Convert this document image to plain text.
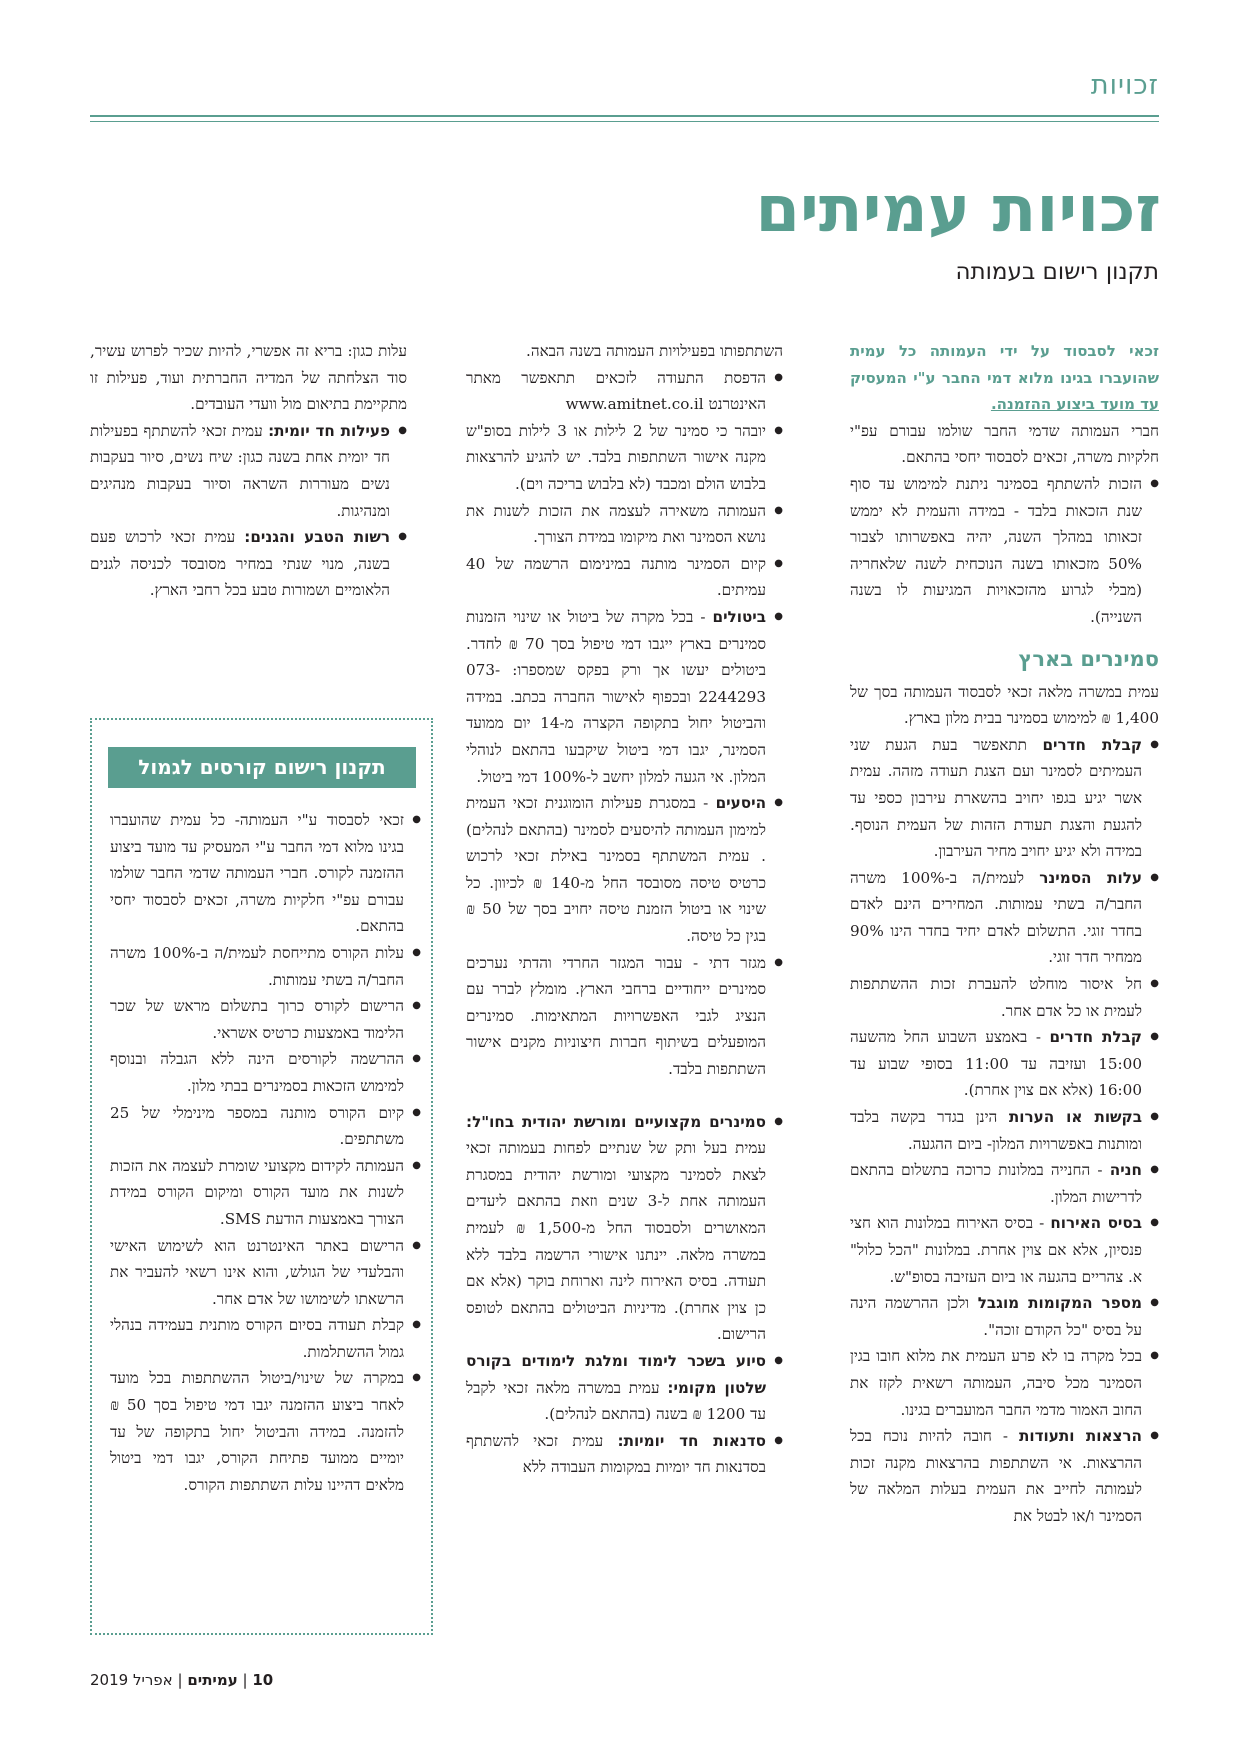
זכויות
זכויות עמיתים
תקנון רישום בעמותה

זכאי לסבסוד על ידי העמותה כל עמית שהועברו בגינו מלוא דמי החבר ע"י המעסיק עד מועד ביצוע ההזמנה.

חברי העמותה שדמי החבר שולמו עבורם עפ"י חלקיות משרה, זכאים לסבסוד יחסי בהתאם.

● הזכות להשתתף בסמינר ניתנת למימוש עד סוף שנת הזכאות בלבד - במידה והעמית לא יממש זכאותו במהלך השנה, יהיה באפשרותו לצבור 50% מזכאותו בשנה הנוכחית לשנה שלאחריה (מבלי לגרוע מהזכאויות המגיעות לו בשנה השנייה).
סמינרים בארץ

עמית במשרה מלאה זכאי לסבסוד העמותה בסך של 1,400 ₪ למימוש בסמינר בבית מלון בארץ.

● קבלת חדרים תתאפשר בעת הגעת שני העמיתים לסמינר ועם הצגת תעודה מזהה. עמית אשר יגיע בגפו יחויב בהשארת עירבון כספי עד להגעת והצגת תעודת הזהות של העמית הנוסף. במידה ולא יגיע יחויב מחיר העירבון.
● עלות הסמינר לעמית/ה ב-100% משרה החבר/ה בשתי עמותות. המחירים הינם לאדם בחדר זוגי. התשלום לאדם יחיד בחדר הינו 90% ממחיר חדר זוגי.
● חל איסור מוחלט להעברת זכות ההשתתפות לעמית או כל אדם אחר.
● קבלת חדרים - באמצע השבוע החל מהשעה 15:00 ועזיבה עד 11:00 בסופי שבוע עד 16:00 (אלא אם צוין אחרת).
● בקשות או הערות הינן בגדר בקשה בלבד ומותנות באפשרויות המלון- ביום ההגעה.
● חניה - החנייה במלונות כרוכה בתשלום בהתאם לדרישות המלון.
● בסיס האירוח - בסיס האירוח במלונות הוא חצי פנסיון, אלא אם צוין אחרת. במלונות "הכל כלול" א. צהריים בהגעה או ביום העזיבה בסופ"ש.
● מספר המקומות מוגבל ולכן ההרשמה הינה על בסיס "כל הקודם זוכה".
● בכל מקרה בו לא פרע העמית את מלוא חובו בגין הסמינר מכל סיבה, העמותה רשאית לקזז את החוב האמור מדמי החבר המועברים בגינו.
● הרצאות ותעודות - חובה להיות נוכח בכל ההרצאות. אי השתתפות בהרצאות מקנה זכות לעמותה לחייב את העמית בעלות המלאה של הסמינר ו/או לבטל את

השתתפותו בפעילויות העמותה בשנה הבאה.

● הדפסת התעודה לזכאים תתאפשר מאתר האינטרנט www.amitnet.co.il
● יובהר כי סמינר של 2 לילות או 3 לילות בסופ"ש מקנה אישור השתתפות בלבד. יש להגיע להרצאות בלבוש הולם ומכבד (לא בלבוש בריכה וים).
● העמותה משאירה לעצמה את הזכות לשנות את נושא הסמינר ואת מיקומו במידת הצורך.
● קיום הסמינר מותנה במינימום הרשמה של 40 עמיתים.
● ביטולים - בכל מקרה של ביטול או שינוי הזמנות סמינרים בארץ ייגבו דמי טיפול בסך 70 ₪ לחדר. ביטולים יעשו אך ורק בפקס שמספרו: 073-2244293 ובכפוף לאישור החברה בכתב. במידה והביטול יחול בתקופה הקצרה מ-14 יום ממועד הסמינר, יגבו דמי ביטול שיקבעו בהתאם לנוהלי המלון. אי הגעה למלון יחשב ל-100% דמי ביטול.
● היסעים - במסגרת פעילות הומוגנית זכאי העמית למימון העמותה להיסעים לסמינר (בהתאם לנהלים) . עמית המשתתף בסמינר באילת זכאי לרכוש כרטיס טיסה מסובסד החל מ-140 ₪ לכיוון. כל שינוי או ביטול הזמנת טיסה יחויב בסך של 50 ₪ בגין כל טיסה.
● מגזר דתי - עבור המגזר החרדי והדתי נערכים סמינרים ייחודיים ברחבי הארץ. מומלץ לברר עם הנציג לגבי האפשרויות המתאימות. סמינרים המופעלים בשיתוף חברות חיצוניות מקנים אישור השתתפות בלבד.
● סמינרים מקצועיים ומורשת יהודית בחו"ל: עמית בעל ותק של שנתיים לפחות בעמותה זכאי לצאת לסמינר מקצועי ומורשת יהודית במסגרת העמותה אחת ל-3 שנים וזאת בהתאם ליעדים המאושרים ולסבסוד החל מ-1,500 ₪ לעמית במשרה מלאה. יינתנו אישורי הרשמה בלבד ללא תעודה. בסיס האירוח לינה וארוחת בוקר (אלא אם כן צוין אחרת). מדיניות הביטולים בהתאם לטופס הרישום.
● סיוע בשכר לימוד ומלגת לימודים בקורס שלטון מקומי: עמית במשרה מלאה זכאי לקבל עד 1200 ₪ בשנה (בהתאם לנהלים).
● סדנאות חד יומיות: עמית זכאי להשתתף בסדנאות חד יומיות במקומות העבודה ללא

עלות כגון: בריא זה אפשרי, להיות שכיר לפרוש עשיר, סוד הצלחתה של המדיה החברתית ועוד, פעילות זו מתקיימת בתיאום מול וועדי העובדים.

● פעילות חד יומית: עמית זכאי להשתתף בפעילות חד יומית אחת בשנה כגון: שיח נשים, סיור בעקבות נשים מעוררות השראה וסיור בעקבות מנהיגים ומנהיגות.
● רשות הטבע והגנים: עמית זכאי לרכוש פעם בשנה, מנוי שנתי במחיר מסובסד לכניסה לגנים הלאומיים ושמורות טבע בכל רחבי הארץ.
תקנון רישום קורסים לגמול
● זכאי לסבסוד ע"י העמותה- כל עמית שהועברו בגינו מלוא דמי החבר ע"י המעסיק עד מועד ביצוע ההזמנה לקורס. חברי העמותה שדמי החבר שולמו עבורם עפ"י חלקיות משרה, זכאים לסבסוד יחסי בהתאם.
● עלות הקורס מתייחסת לעמית/ה ב-100% משרה החבר/ה בשתי עמותות.
● הרישום לקורס כרוך בתשלום מראש של שכר הלימוד באמצעות כרטיס אשראי.
● ההרשמה לקורסים הינה ללא הגבלה ובנוסף למימוש הזכאות בסמינרים בבתי מלון.
● קיום הקורס מותנה במספר מינימלי של 25 משתתפים.
● העמותה לקידום מקצועי שומרת לעצמה את הזכות לשנות את מועד הקורס ומיקום הקורס במידת הצורך באמצעות הודעת SMS.
● הרישום באתר האינטרנט הוא לשימוש האישי והבלעדי של הגולש, והוא אינו רשאי להעביר את הרשאתו לשימושו של אדם אחר.
● קבלת תעודה בסיום הקורס מותנית בעמידה בנהלי גמול ההשתלמות.
● במקרה של שינוי/ביטול ההשתתפות בכל מועד לאחר ביצוע ההזמנה יגבו דמי טיפול בסך 50 ₪ להזמנה. במידה והביטול יחול בתקופה של עד יומיים ממועד פתיחת הקורס, יגבו דמי ביטול מלאים דהיינו עלות השתתפות הקורס.
10 | עמיתים | אפריל 2019
